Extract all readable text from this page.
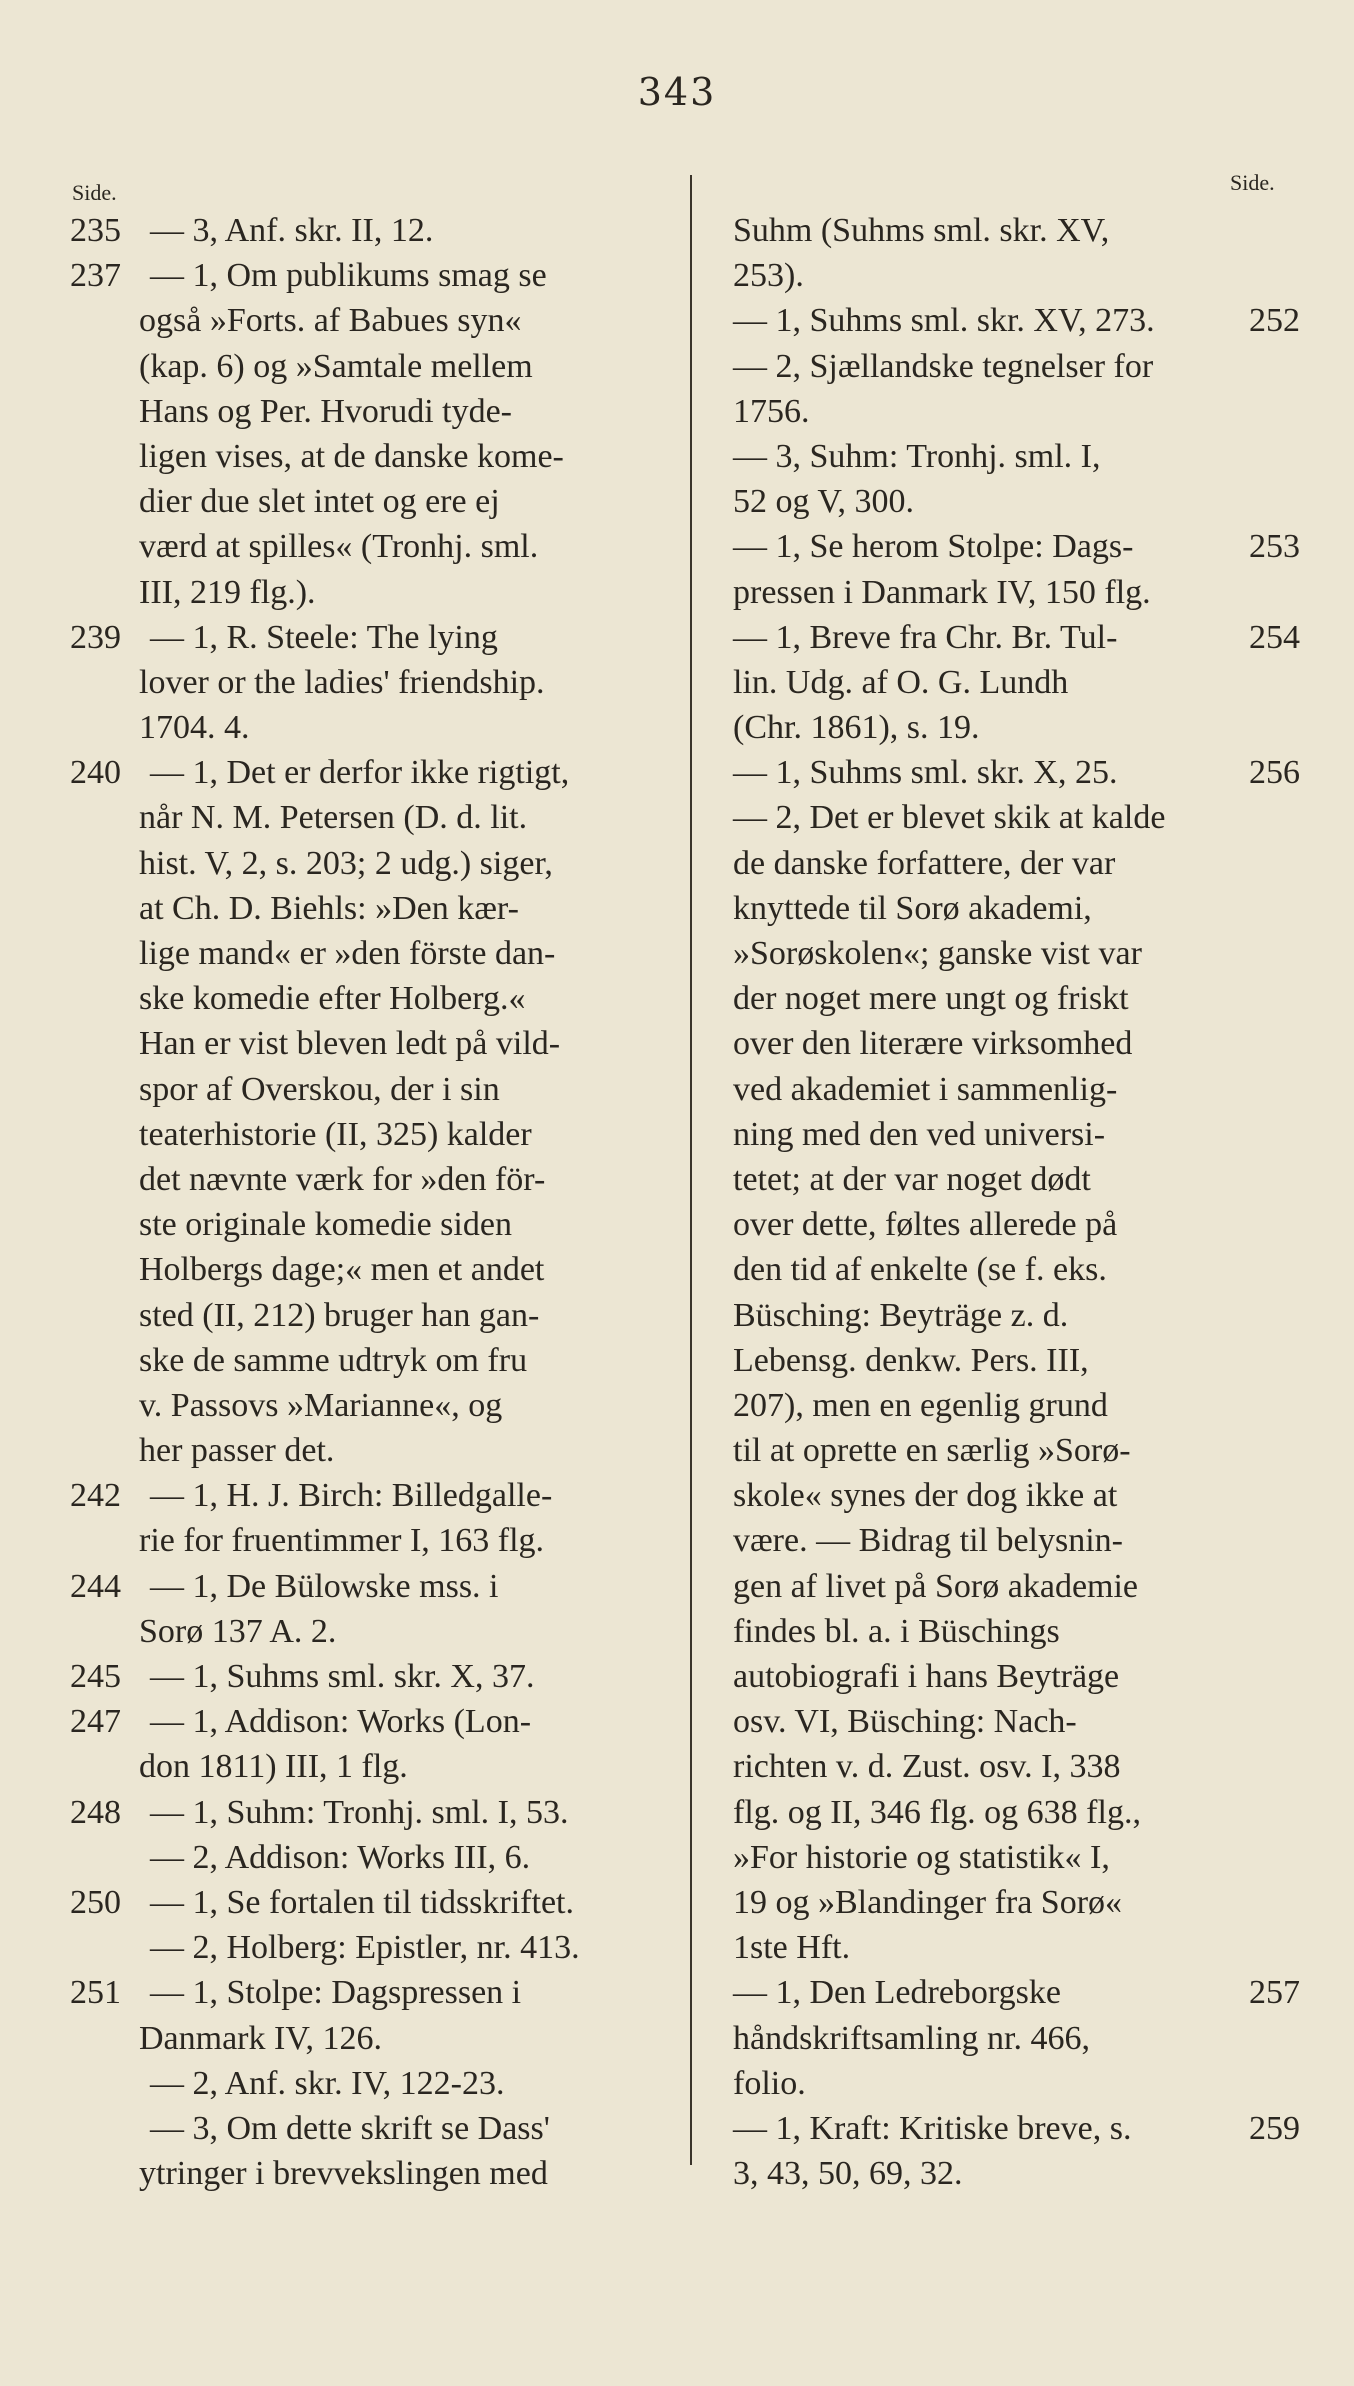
343
Side.	Side.
235 — 3, Anf. skr. II, 12.
237 — 1, Om publikums smag se
også »Forts. af Babues syn«
(kap. 6) og »Samtale mellem
Hans og Per. Hvorudi tyde-
ligen vises, at de danske kome-
dier due slet intet og ere ej
værd at spilles« (Tronhj. sml.
III, 219 flg.).
239 — 1, R. Steele: The lying
lover or the ladies' friendship.
1704. 4.
240 — 1, Det er derfor ikke rigtigt,
når N. M. Petersen (D. d. lit.
hist. V, 2, s. 203; 2 udg.) siger,
at Ch. D. Biehls: »Den kær-
lige mand« er »den förste dan-
ske komedie efter Holberg.«
Han er vist bleven ledt på vild-
spor af Overskou, der i sin
teaterhistorie (II, 325) kalder
det nævnte værk for »den för-
ste originale komedie siden
Holbergs dage;« men et andet
sted (II, 212) bruger han gan-
ske de samme udtryk om fru
v. Passovs »Marianne«, og
her passer det.
242 — 1, H. J. Birch: Billedgalle-
rie for fruentimmer I, 163 flg.
244 — 1, De Bülowske mss. i
Sorø 137 A. 2.
245 — 1, Suhms sml. skr. X, 37.
247 — 1, Addison: Works (Lon-
don 1811) III, 1 flg.
248 — 1, Suhm: Tronhj. sml. I, 53.
— 2, Addison: Works III, 6.
250 — 1, Se fortalen til tidsskriftet.
— 2, Holberg: Epistler, nr. 413.
251 — 1, Stolpe: Dagspressen i
Danmark IV, 126.
— 2, Anf. skr. IV, 122-23.
— 3, Om dette skrift se Dass'
ytringer i brevvekslingen med
Suhm (Suhms sml. skr. XV,
253).
252
— 1, Suhms sml. skr. XV, 273.
— 2, Sjællandske tegnelser for
1756.
— 3, Suhm: Tronhj. sml. I,
52 og V, 300.
253
— 1, Se herom Stolpe: Dags-
pressen i Danmark IV, 150 flg.
254
— 1, Breve fra Chr. Br. Tul-
lin. Udg. af O. G. Lundh
(Chr. 1861), s. 19.
256
— 1, Suhms sml. skr. X, 25.
— 2, Det er blevet skik at kalde
de danske forfattere, der var
knyttede til Sorø akademi,
»Sorøskolen«; ganske vist var
der noget mere ungt og friskt
over den literære virksomhed
ved akademiet i sammenlig-
ning med den ved universi-
tetet; at der var noget dødt
over dette, føltes allerede på
den tid af enkelte (se f. eks.
Büsching: Beyträge z. d.
Lebensg. denkw. Pers. III,
207), men en egenlig grund
til at oprette en særlig »Sorø-
skole« synes der dog ikke at
være. — Bidrag til belysnin-
gen af livet på Sorø akademie
findes bl. a. i Büschings
autobiografi i hans Beyträge
osv. VI, Büsching: Nach-
richten v. d. Zust. osv. I, 338
flg. og II, 346 flg. og 638 flg.,
»For historie og statistik« I,
19 og »Blandinger fra Sorø«
1ste Hft.
257
— 1, Den Ledreborgske
håndskriftsamling nr. 466,
folio.
259
— 1, Kraft: Kritiske breve, s.
3, 43, 50, 69, 32.
